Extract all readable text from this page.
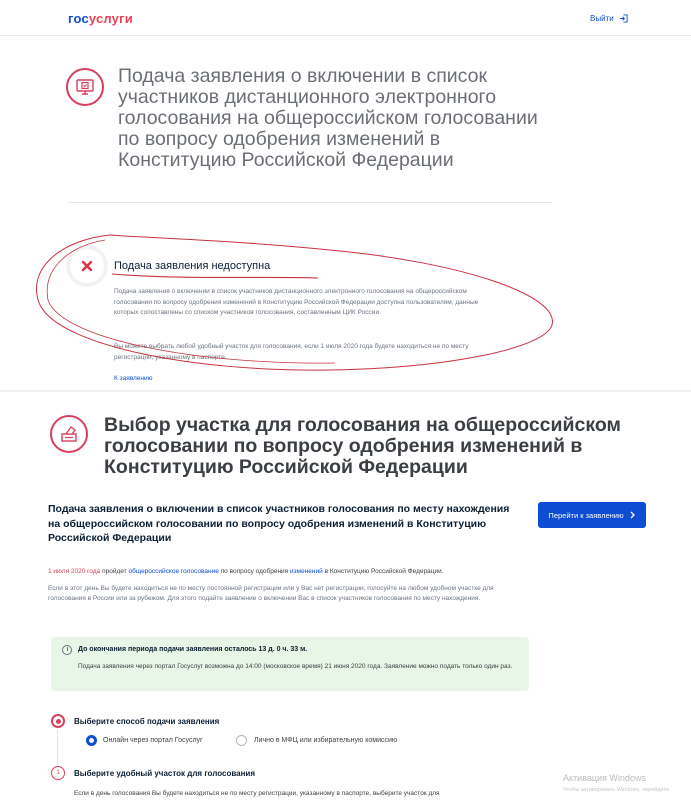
госуслуги	Выйти
Подача заявления о включении в список участников дистанционного электронного голосования на общероссийском голосовании по вопросу одобрения изменений в Конституцию Российской Федерации
Подача заявления недоступна

Подача заявления о включении в список участников дистанционного электронного голосования на общероссийском голосовании по вопросу одобрения изменений в Конституцию Российской Федерации доступна пользователям, данные которых сопоставлены со списком участников голосования, составленным ЦИК России.

Вы можете выбрать любой удобный участок для голосования, если 1 июля 2020 года будете находиться не по месту регистрации, указанному в паспорте.

К заявлению
Выбор участка для голосования на общероссийском голосовании по вопросу одобрения изменений в Конституцию Российской Федерации
Подача заявления о включении в список участников голосования по месту нахождения на общероссийском голосовании по вопросу одобрения изменений в Конституцию Российской Федерации
Перейти к заявлению

1 июля 2020 года пройдет общероссийское голосование по вопросу одобрения изменений в Конституцию Российской Федерации.

Если в этот день Вы будете находиться не по месту постоянной регистрации или у Вас нет регистрации, голосуйте на любом удобном участке для голосования в России или за рубежом. Для этого подайте заявление о включении Вас в список участников голосования по месту нахождения.

До окончания периода подачи заявления осталось 13 д. 0 ч. 33 м.

Подача заявления через портал Госуслуг возможна до 14:00 (московское время) 21 июня 2020 года. Заявление можно подать только один раз.

Выберите способ подачи заявления
Онлайн через портал Госуслуг	Лично в МФЦ или избирательную комиссию
1	Выберите удобный участок для голосования

Если в день голосования Вы будете находиться не по месту регистрации, указанному в паспорте, выберите участок для

Активация Windows
Чтобы активировать Windows, перейдите
